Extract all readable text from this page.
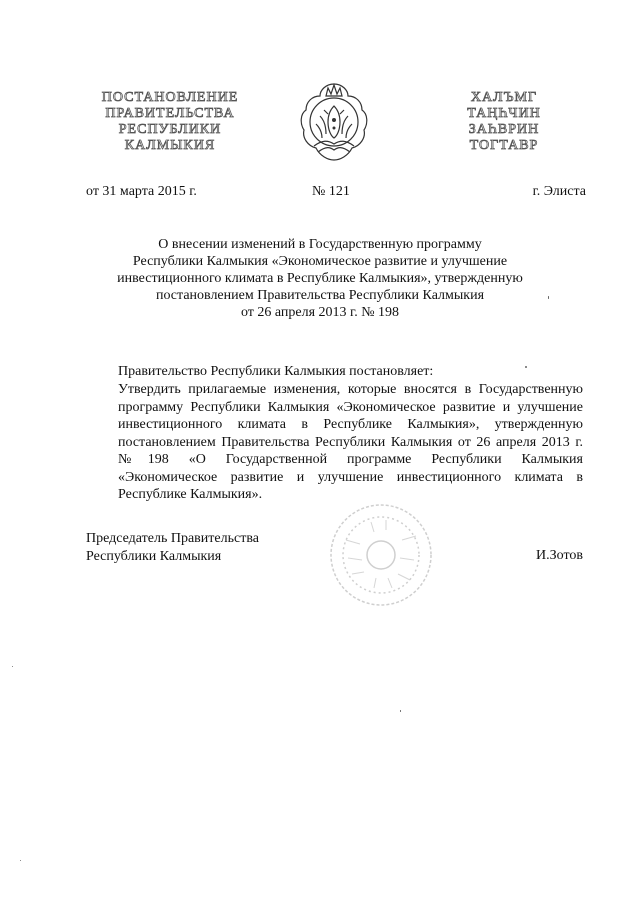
ПОСТАНОВЛЕНИЕ
ПРАВИТЕЛЬСТВА
РЕСПУБЛИКИ
КАЛМЫКИЯ
ХАЛЪМГ
ТАҢҺЧИН
ЗАҺВРИН
ТОГТАВР
от 31 марта 2015 г.	№ 121	г. Элиста
О внесении изменений в Государственную программу
Республики Калмыкия «Экономическое развитие и улучшение
инвестиционного климата в Республике Калмыкия», утвержденную
постановлением Правительства Республики Калмыкия
от 26 апреля 2013 г. № 198
Правительство Республики Калмыкия постановляет:
Утвердить прилагаемые изменения, которые вносятся в Государственную программу Республики Калмыкия «Экономическое развитие и улучшение инвестиционного климата в Республике Калмыкия», утвержденную постановлением Правительства Республики Калмыкия от 26 апреля 2013 г. №198 «О Государственной программе Республики Калмыкия «Экономическое развитие и улучшение инвестиционного климата в Республике Калмыкия».
Председатель Правительства
Республики Калмыкия	И.Зотов
